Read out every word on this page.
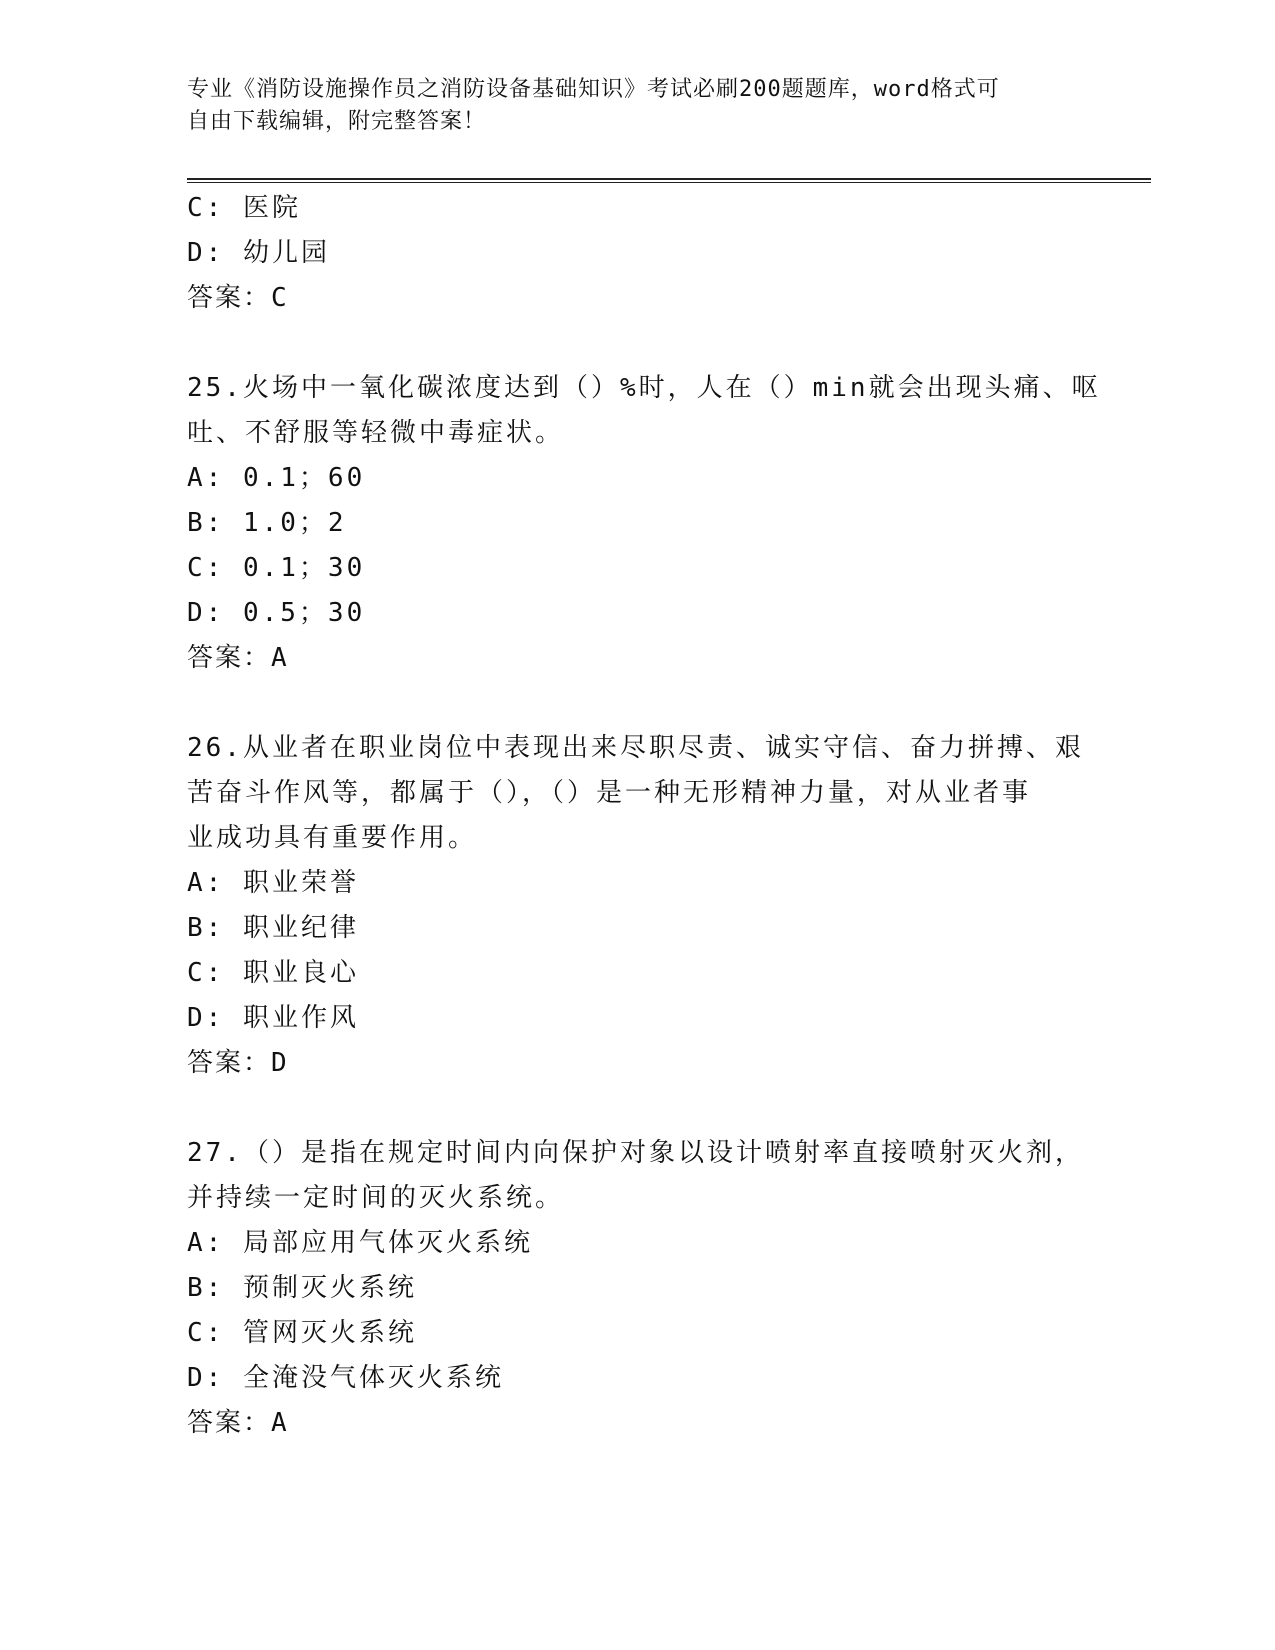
专业《消防设施操作员之消防设备基础知识》考试必刷200题题库，word格式可
自由下载编辑，附完整答案！
C: 医院
D: 幼儿园
答案：C
25.火场中一氧化碳浓度达到（）%时，人在（）min就会出现头痛、呕
吐、不舒服等轻微中毒症状。
A: 0.1；60
B: 1.0；2
C: 0.1；30
D: 0.5；30
答案：A
26.从业者在职业岗位中表现出来尽职尽责、诚实守信、奋力拼搏、艰
苦奋斗作风等，都属于（），（）是一种无形精神力量，对从业者事
业成功具有重要作用。
A: 职业荣誉
B: 职业纪律
C: 职业良心
D: 职业作风
答案：D
27.（）是指在规定时间内向保护对象以设计喷射率直接喷射灭火剂，
并持续一定时间的灭火系统。
A: 局部应用气体灭火系统
B: 预制灭火系统
C: 管网灭火系统
D: 全淹没气体灭火系统
答案：A
